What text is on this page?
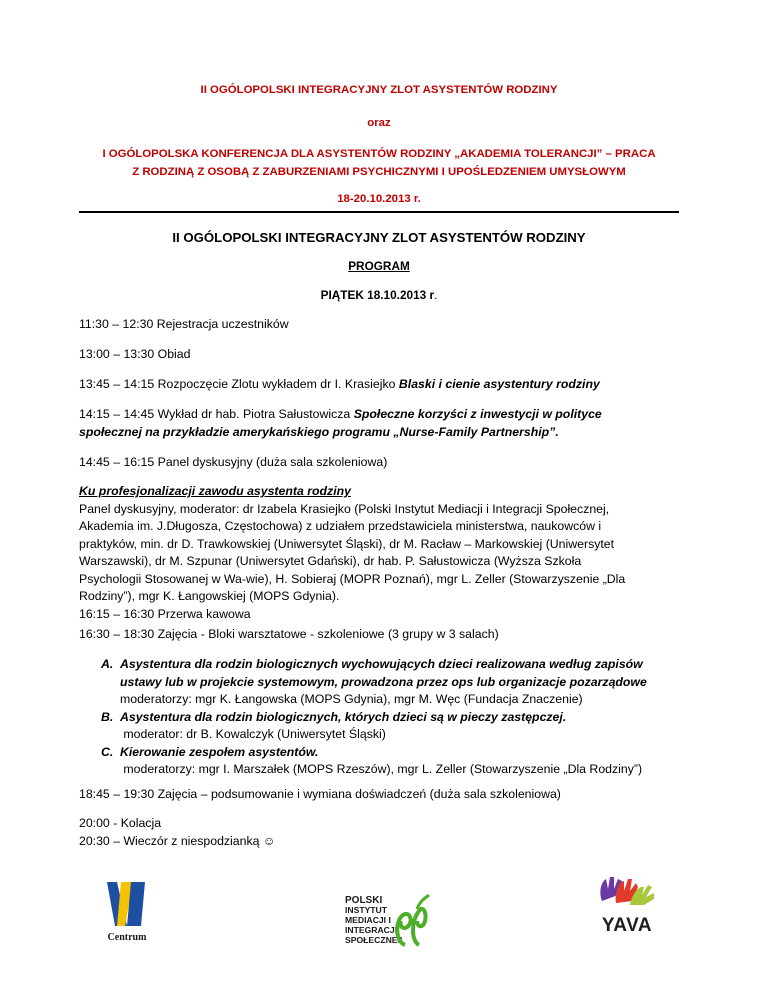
II OGÓLOPOLSKI INTEGRACYJNY ZLOT ASYSTENTÓW RODZINY
oraz
I OGÓLOPOLSKA KONFERENCJA DLA ASYSTENTÓW RODZINY „AKADEMIA TOLERANCJI” – PRACA
Z RODZINĄ Z OSOBĄ Z ZABURZENIAMI PSYCHICZNYMI I UPOŚLEDZENIEM UMYSŁOWYM
18-20.10.2013 r.
II OGÓLOPOLSKI INTEGRACYJNY ZLOT ASYSTENTÓW RODZINY
PROGRAM
PIĄTEK 18.10.2013 r.
11:30 – 12:30 Rejestracja uczestników
13:00 – 13:30 Obiad
13:45 – 14:15 Rozpoczęcie Zlotu wykładem dr I. Krasiejko Blaski i cienie asystentury rodziny
14:15 – 14:45 Wykład dr hab. Piotra Sałustowicza Społeczne korzyści z inwestycji w polityce
społecznej na przykładzie amerykańskiego programu „Nurse-Family Partnership”.
14:45 – 16:15 Panel dyskusyjny (duża sala szkoleniowa)
Ku profesjonalizacji zawodu asystenta rodziny
Panel dyskusyjny, moderator: dr Izabela Krasiejko (Polski Instytut Mediacji i Integracji Społecznej,
Akademia im. J.Długosza, Częstochowa) z udziałem przedstawiciela ministerstwa, naukowców i
praktyków, min. dr D. Trawkowskiej (Uniwersytet Śląski), dr M. Racław – Markowskiej (Uniwersytet
Warszawski), dr M. Szpunar (Uniwersytet Gdański), dr hab. P. Sałustowicza (Wyższa Szkoła
Psychologii Stosowanej w Wa-wie), H. Sobieraj (MOPR Poznań), mgr L. Zeller (Stowarzyszenie „Dla
Rodziny”), mgr K. Łangowskiej (MOPS Gdynia).
16:15 – 16:30 Przerwa kawowa
16:30 – 18:30 Zajęcia - Bloki warsztatowe - szkoleniowe (3 grupy w 3 salach)
A. Asystentura dla rodzin biologicznych wychowujących dzieci realizowana według zapisów
ustawy lub w projekcie systemowym, prowadzona przez ops lub organizacje pozarządowe
moderatorzy: mgr K. Łangowska (MOPS Gdynia), mgr M. Węc (Fundacja Znaczenie)
B. Asystentura dla rodzin biologicznych, których dzieci są w pieczy zastępczej.
moderator: dr B. Kowalczyk (Uniwersytet Śląski)
C. Kierowanie zespołem asystentów.
moderatorzy: mgr I. Marszałek (MOPS Rzeszów), mgr L. Zeller (Stowarzyszenie „Dla Rodziny”)
18:45 – 19:30 Zajęcia – podsumowanie i wymiana doświadczeń (duża sala szkoleniowa)
20:00 - Kolacja
20:30 – Wieczór z niespodzianką ☺
Centrum
POLSKI
INSTYTUT
MEDIACJI I
INTEGRACJI
SPOŁECZNEJ
YAVA
